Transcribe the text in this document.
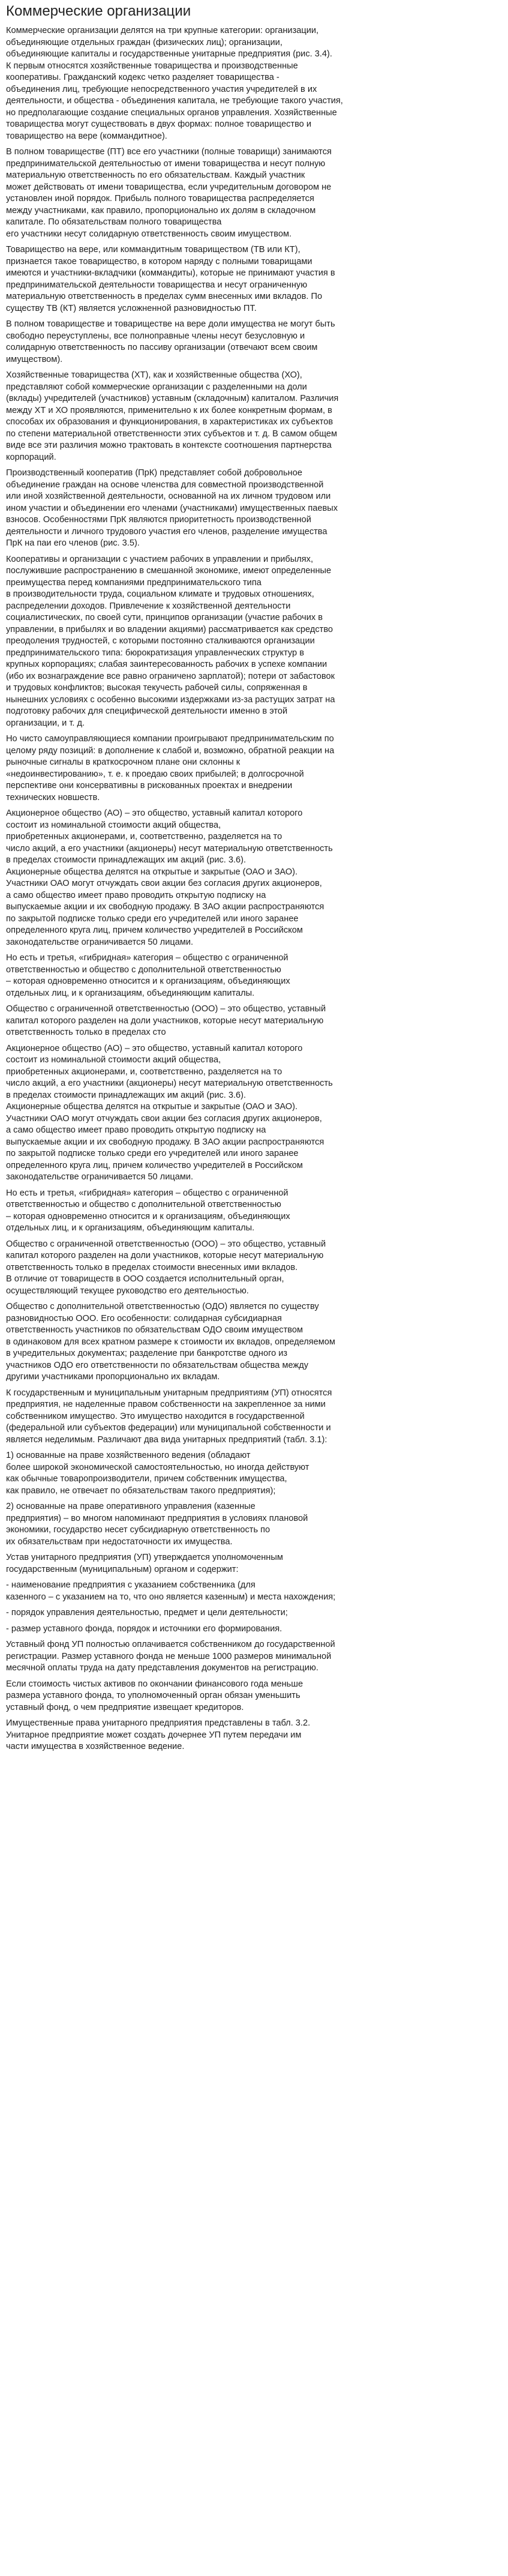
Коммерческие организации

Коммерческие организации делятся на три крупные категории: организации,
объединяющие отдельных граждан (физических лиц); организации,
объединяющие капиталы и государственные унитарные предприятия (рис. 3.4).
К первым относятся хозяйственные товарищества и производственные
кооперативы. Гражданский кодекс четко разделяет товарищества -
объединения лиц, требующие непосредственного участия учредителей в их
деятельности, и общества - объединения капитала, не требующие такого участия,
но предполагающие создание специальных органов управления. Хозяйственные
товарищества могут существовать в двух формах: полное товарищество и
товарищество на вере (коммандитное).

В полном товариществе (ПТ) все его участники (полные товарищи) занимаются
предпринимательской деятельностью от имени товарищества и несут полную
материальную ответственность по его обязательствам. Каждый участник
может действовать от имени товарищества, если учредительным договором не
установлен иной порядок. Прибыль полного товарищества распределяется
между участниками, как правило, пропорционально их долям в складочном
капитале. По обязательствам полного товарищества
его участники несут солидарную ответственность своим имуществом.

Товарищество на вере, или коммандитным товариществом (ТВ или КТ),
признается такое товарищество, в котором наряду с полными товарищами
имеются и участники-вкладчики (коммандиты), которые не принимают участия в
предпринимательской деятельности товарищества и несут ограниченную
материальную ответственность в пределах сумм внесенных ими вкладов. По
существу ТВ (КТ) является усложненной разновидностью ПТ.

В полном товариществе и товариществе на вере доли имущества не могут быть
свободно переуступлены, все полноправные члены несут безусловную и
солидарную ответственность по пассиву организации (отвечают всем своим
имуществом).

Хозяйственные товарищества (ХТ), как и хозяйственные общества (ХО),
представляют собой коммерческие организации с разделенными на доли
(вклады) учредителей (участников) уставным (складочным) капиталом. Различия
между ХТ и ХО проявляются, применительно к их более конкретным формам, в
способах их образования и функционирования, в характеристиках их субъектов
по степени материальной ответственности этих субъектов и т. д. В самом общем
виде все эти различия можно трактовать в контексте соотношения партнерства
корпораций.

Производственный кооператив (ПрК) представляет собой добровольное
объединение граждан на основе членства для совместной производственной
или иной хозяйственной деятельности, основанной на их личном трудовом или
ином участии и объединении его членами (участниками) имущественных паевых
взносов. Особенностями ПрК являются приоритетность производственной
деятельности и личного трудового участия его членов, разделение имущества
ПрК на паи его членов (рис. 3.5).

Кооперативы и организации с участием рабочих в управлении и прибылях,
послужившие распространению в смешанной экономике, имеют определенные
преимущества перед компаниями предпринимательского типа
в производительности труда, социальном климате и трудовых отношениях,
распределении доходов. Привлечение к хозяйственной деятельности
социалистических, по своей сути, принципов организации (участие рабочих в
управлении, в прибылях и во владении акциями) рассматривается как средство
преодоления трудностей, с которыми постоянно сталкиваются организации
предпринимательского типа: бюрократизация управленческих структур в
крупных корпорациях; слабая заинтересованность рабочих в успехе компании
(ибо их вознаграждение все равно ограничено зарплатой); потери от забастовок
и трудовых конфликтов; высокая текучесть рабочей силы, сопряженная в
нынешних условиях с особенно высокими издержками из-за растущих затрат на
подготовку рабочих для специфической деятельности именно в этой
организации, и т. д.

Но чисто самоуправляющиеся компании проигрывают предпринимательским по
целому ряду позиций: в дополнение к слабой и, возможно, обратной реакции на
рыночные сигналы в краткосрочном плане они склонны к
«недоинвестированию», т. е. к проедаю своих прибылей; в долгосрочной
перспективе они консервативны в рискованных проектах и внедрении
технических новшеств.

Акционерное общество (АО) – это общество, уставный капитал которого
состоит из номинальной стоимости акций общества,
приобретенных акционерами, и, соответственно, разделяется на то
число акций, а его участники (акционеры) несут материальную ответственность
в пределах стоимости принадлежащих им акций (рис. 3.6).
Акционерные общества делятся на открытые и закрытые (ОАО и ЗАО).
Участники ОАО могут отчуждать свои акции без согласия других акционеров,
а само общество имеет право проводить открытую подписку на
выпускаемые акции и их свободную продажу. В ЗАО акции распространяются
по закрытой подписке только среди его учредителей или иного заранее
определенного круга лиц, причем количество учредителей в Российском
законодательстве ограничивается 50 лицами.

Но есть и третья, «гибридная» категория – общество с ограниченной
ответственностью и общество с дополнительной ответственностью
– которая одновременно относится и к организациям, объединяющих
отдельных лиц, и к организациям, объединяющим капиталы.

Общество с ограниченной ответственностью (ООО) – это общество, уставный
капитал которого разделен на доли участников, которые несут материальную
ответственность только в пределах сто

Акционерное общество (АО) – это общество, уставный капитал которого
состоит из номинальной стоимости акций общества,
приобретенных акционерами, и, соответственно, разделяется на то
число акций, а его участники (акционеры) несут материальную ответственность
в пределах стоимости принадлежащих им акций (рис. 3.6).
Акционерные общества делятся на открытые и закрытые (ОАО и ЗАО).
Участники ОАО могут отчуждать свои акции без согласия других акционеров,
а само общество имеет право проводить открытую подписку на
выпускаемые акции и их свободную продажу. В ЗАО акции распространяются
по закрытой подписке только среди его учредителей или иного заранее
определенного круга лиц, причем количество учредителей в Российском
законодательстве ограничивается 50 лицами.

Но есть и третья, «гибридная» категория – общество с ограниченной
ответственностью и общество с дополнительной ответственностью
– которая одновременно относится и к организациям, объединяющих
отдельных лиц, и к организациям, объединяющим капиталы.

Общество с ограниченной ответственностью (ООО) – это общество, уставный
капитал которого разделен на доли участников, которые несут материальную
ответственность только в пределах стоимости внесенных ими вкладов.
В отличие от товариществ в ООО создается исполнительный орган,
осуществляющий текущее руководство его деятельностью.

Общество с дополнительной ответственностью (ОДО) является по существу
разновидностью ООО. Его особенности: солидарная субсидиарная
ответственность участников по обязательствам ОДО своим имуществом
в одинаковом для всех кратном размере к стоимости их вкладов, определяемом
в учредительных документах; разделение при банкротстве одного из
участников ОДО его ответственности по обязательствам общества между
другими участниками пропорционально их вкладам.

К государственным и муниципальным унитарным предприятиям (УП) относятся
предприятия, не наделенные правом собственности на закрепленное за ними
собственником имущество. Это имущество находится в государственной
(федеральной или субъектов федерации) или муниципальной собственности и
является неделимым. Различают два вида унитарных предприятий (табл. 3.1):

1) основанные на праве хозяйственного ведения (обладают
более широкой экономической самостоятельностью, но иногда действуют
как обычные товаропроизводители, причем собственник имущества,
как правило, не отвечает по обязательствам такого предприятия);

2) основанные на праве оперативного управления (казенные
предприятия) – во многом напоминают предприятия в условиях плановой
экономики, государство несет субсидиарную ответственность по
их обязательствам при недостаточности их имущества.

Устав унитарного предприятия (УП) утверждается уполномоченным
государственным (муниципальным) органом и содержит:

- наименование предприятия с указанием собственника (для
казенного – с указанием на то, что оно является казенным) и места нахождения;

- порядок управления деятельностью, предмет и цели деятельности;

- размер уставного фонда, порядок и источники его формирования.

Уставный фонд УП полностью оплачивается собственником до государственной
регистрации. Размер уставного фонда не меньше 1000 размеров минимальной
месячной оплаты труда на дату представления документов на регистрацию.

Если стоимость чистых активов по окончании финансового года меньше
размера уставного фонда, то уполномоченный орган обязан уменьшить
уставный фонд, о чем предприятие извещает кредиторов.

Имущественные права унитарного предприятия представлены в табл. 3.2.
Унитарное предприятие может создать дочернее УП путем передачи им
части имущества в хозяйственное ведение.
